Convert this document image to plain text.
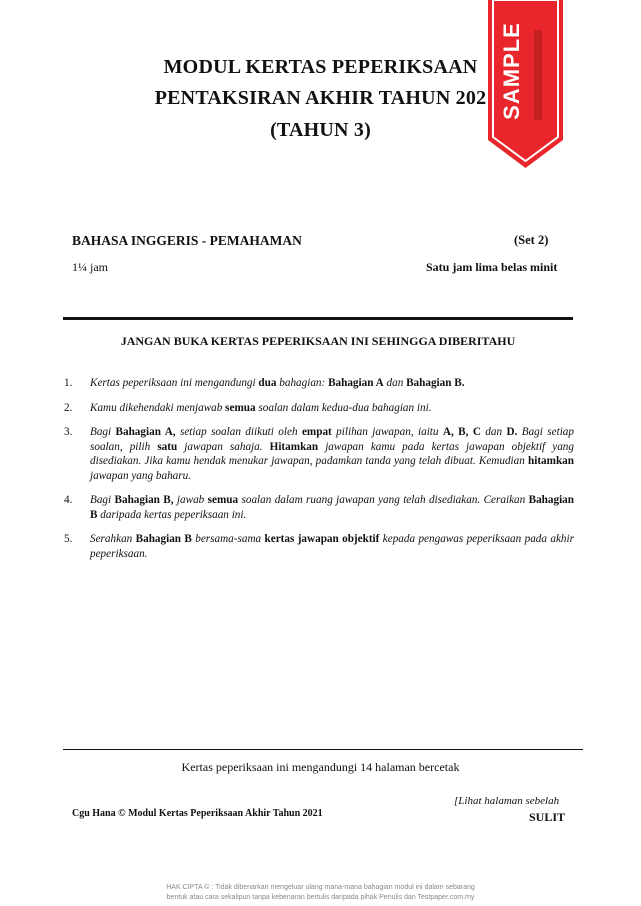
MODUL KERTAS PEPERIKSAAN
PENTAKSIRAN AKHIR TAHUN 202
(TAHUN 3)
SAMPLE
BAHASA INGGERIS - PEMAHAMAN	(Set 2)
1¼ jam	Satu jam lima belas minit
JANGAN BUKA KERTAS PEPERIKSAAN INI SEHINGGA DIBERITAHU
1.	Kertas peperiksaan ini mengandungi dua bahagian: Bahagian A dan Bahagian B.
2.	Kamu dikehendaki menjawab semua soalan dalam kedua-dua bahagian ini.
3.	Bagi Bahagian A, setiap soalan diikuti oleh empat pilihan jawapan, iaitu A, B, C dan D. Bagi setiap soalan, pilih satu jawapan sahaja. Hitamkan jawapan kamu pada kertas jawapan objektif yang disediakan. Jika kamu hendak menukar jawapan, padamkan tanda yang telah dibuat. Kemudian hitamkan jawapan yang baharu.
4.	Bagi Bahagian B, jawab semua soalan dalam ruang jawapan yang telah disediakan. Ceraikan Bahagian B daripada kertas peperiksaan ini.
5.	Serahkan Bahagian B bersama-sama kertas jawapan objektif kepada pengawas peperiksaan pada akhir peperiksaan.
Kertas peperiksaan ini mengandungi 14 halaman bercetak
Cgu Hana © Modul Kertas Peperiksaan Akhir Tahun 2021
[Lihat halaman sebelah
SULIT
HAK CIPTA © : Tidak dibenarkan mengeluar ulang mana-mana bahagian modul ini dalam sebarang
bentuk atau cara sekalipun tanpa kebenaran bertulis daripada pihak Penulis dan Testpaper.com.my
